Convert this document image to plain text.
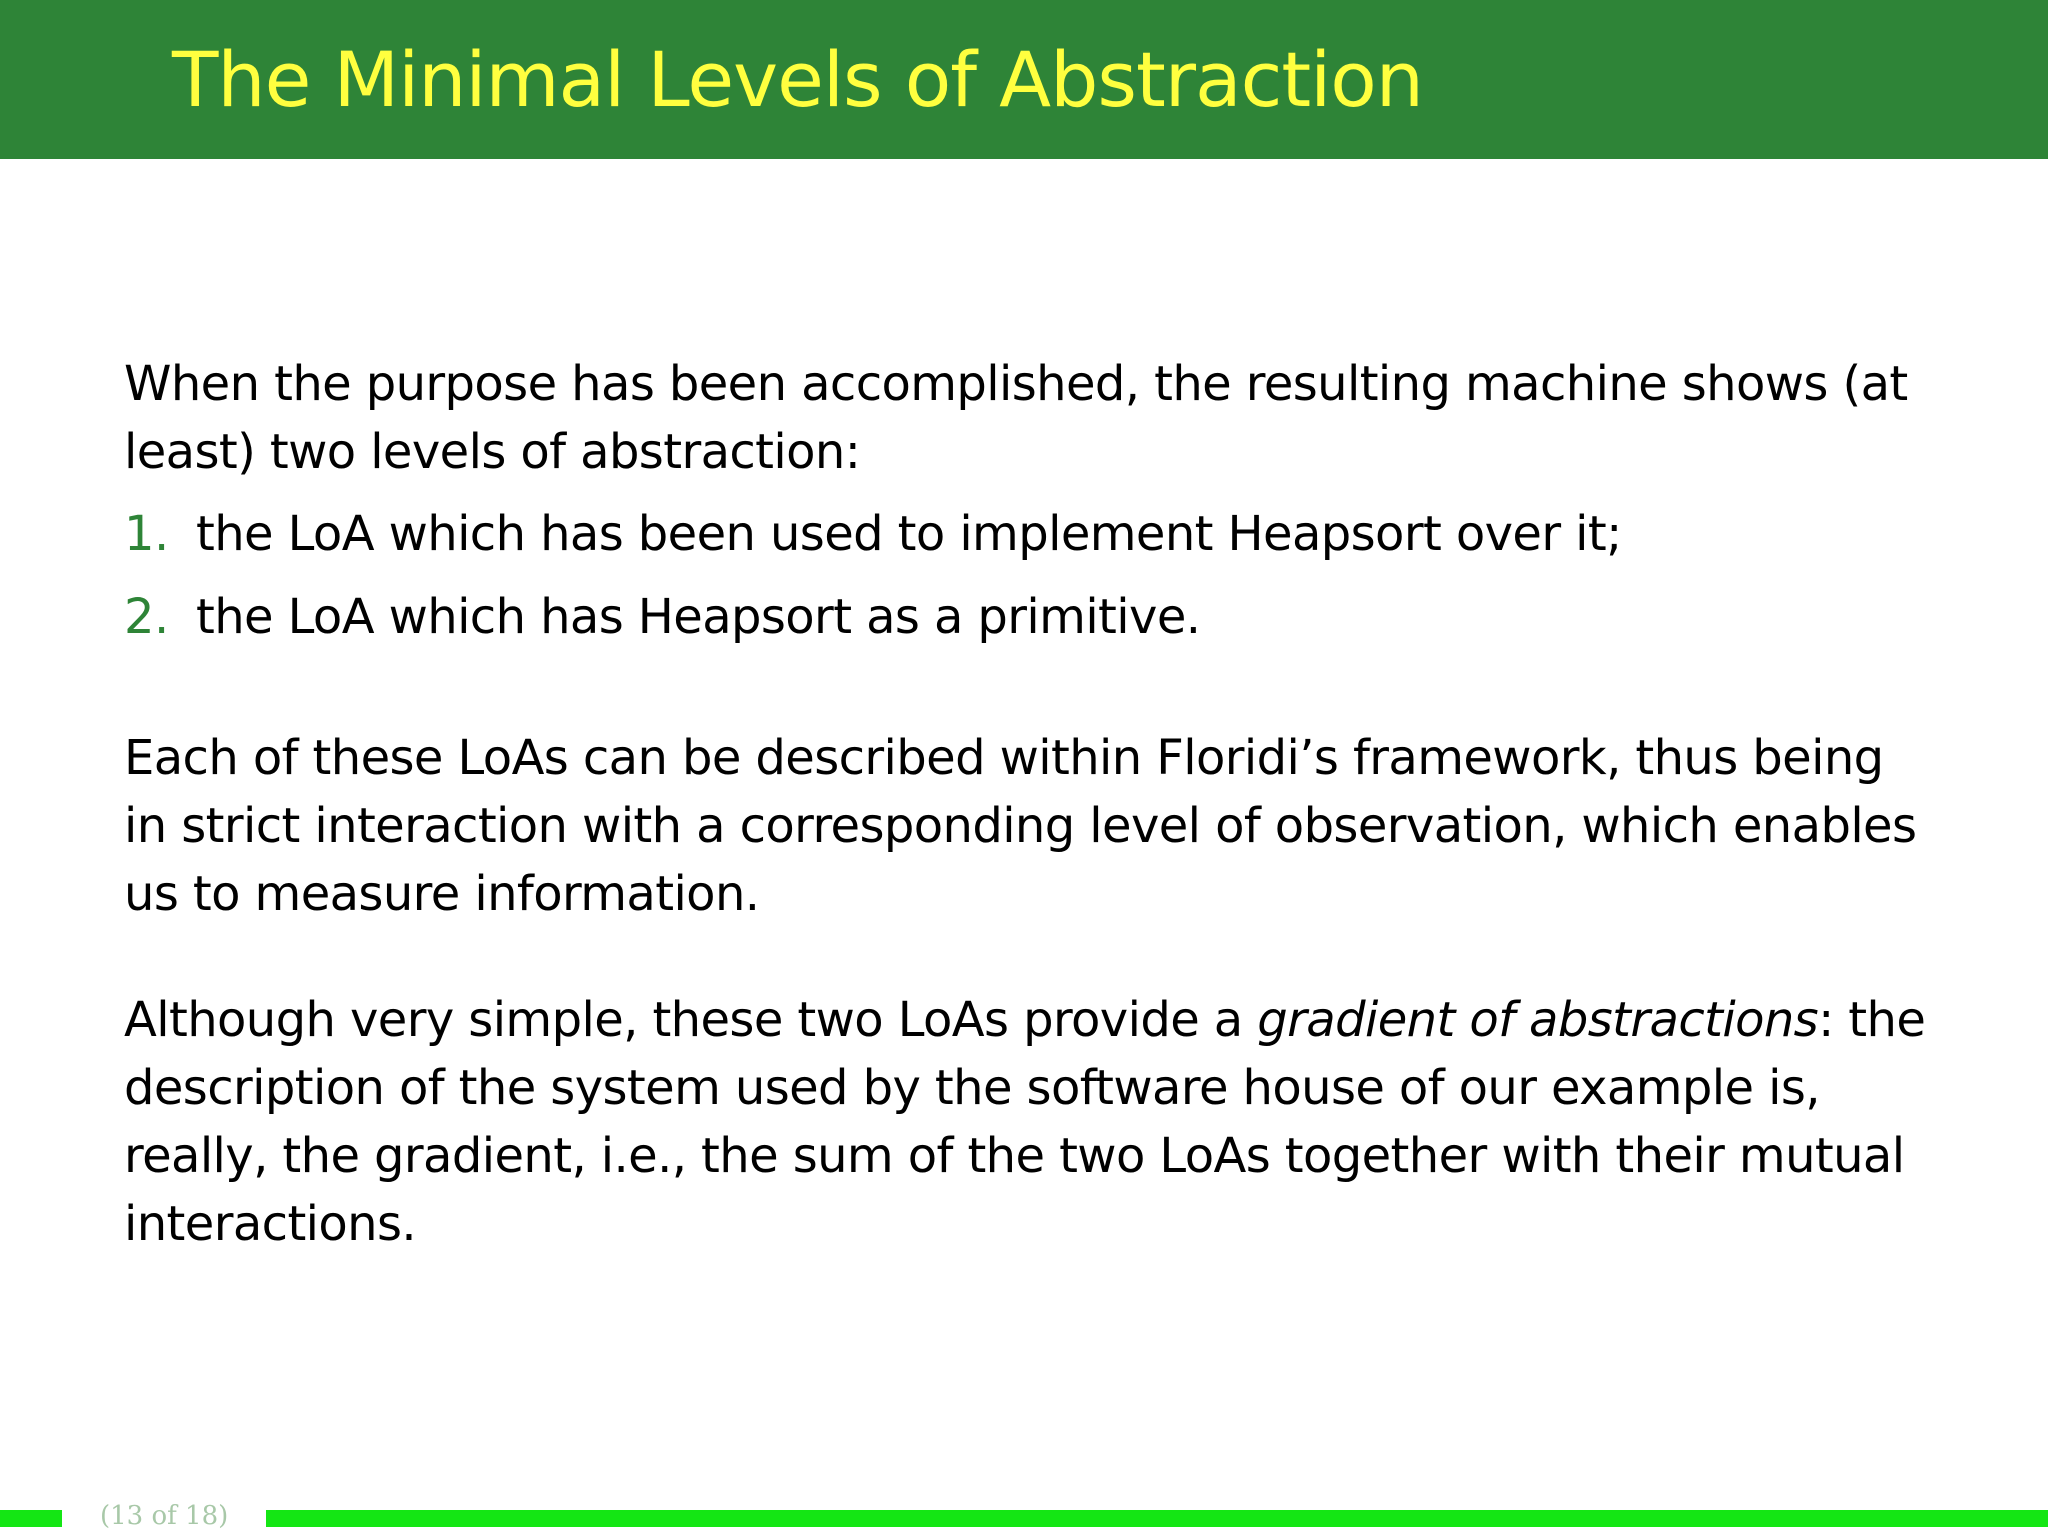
The Minimal Levels of Abstraction

When the purpose has been accomplished, the resulting machine shows (at
least) two levels of abstraction:

1. the LoA which has been used to implement Heapsort over it;
2. the LoA which has Heapsort as a primitive.

Each of these LoAs can be described within Floridi’s framework, thus being
in strict interaction with a corresponding level of observation, which enables
us to measure information.

Although very simple, these two LoAs provide a gradient of abstractions: the
description of the system used by the software house of our example is,
really, the gradient, i.e., the sum of the two LoAs together with their mutual
interactions.

(13 of 18)
